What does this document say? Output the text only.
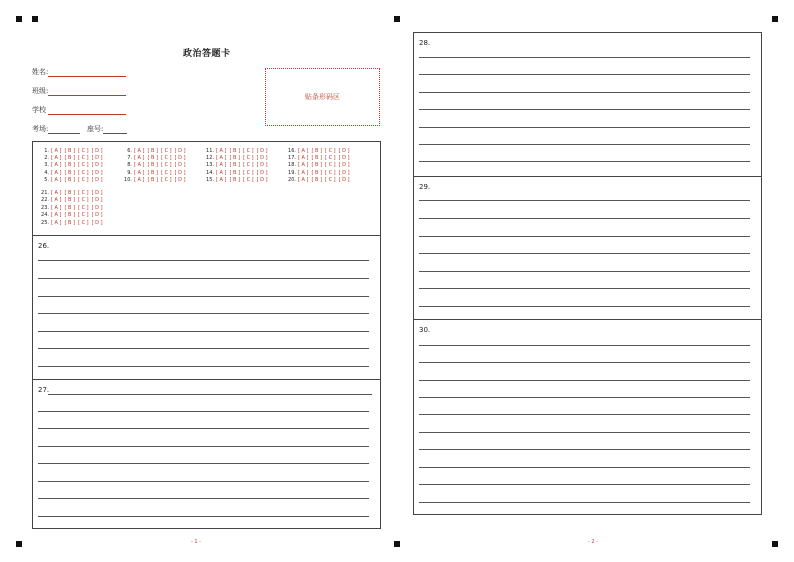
政治答题卡
姓名:
班级:
学校
考场:	座号:
贴条形码区
1. [ A ] [ B ] [ C ] [ D ]
2. [ A ] [ B ] [ C ] [ D ]
3. [ A ] [ B ] [ C ] [ D ]
4. [ A ] [ B ] [ C ] [ D ]
5. [ A ] [ B ] [ C ] [ D ]
6. [ A ] [ B ] [ C ] [ D ]
7. [ A ] [ B ] [ C ] [ D ]
8. [ A ] [ B ] [ C ] [ D ]
9. [ A ] [ B ] [ C ] [ D ]
10. [ A ] [ B ] [ C ] [ D ]
11. [ A ] [ B ] [ C ] [ D ]
12. [ A ] [ B ] [ C ] [ D ]
13. [ A ] [ B ] [ C ] [ D ]
14. [ A ] [ B ] [ C ] [ D ]
15. [ A ] [ B ] [ C ] [ D ]
16. [ A ] [ B ] [ C ] [ D ]
17. [ A ] [ B ] [ C ] [ D ]
18. [ A ] [ B ] [ C ] [ D ]
19. [ A ] [ B ] [ C ] [ D ]
20. [ A ] [ B ] [ C ] [ D ]
21. [ A ] [ B ] [ C ] [ D ]
22. [ A ] [ B ] [ C ] [ D ]
23. [ A ] [ B ] [ C ] [ D ]
24. [ A ] [ B ] [ C ] [ D ]
25. [ A ] [ B ] [ C ] [ D ]
26.
27.
- 1 -
28.
29.
30.
- 2 -
